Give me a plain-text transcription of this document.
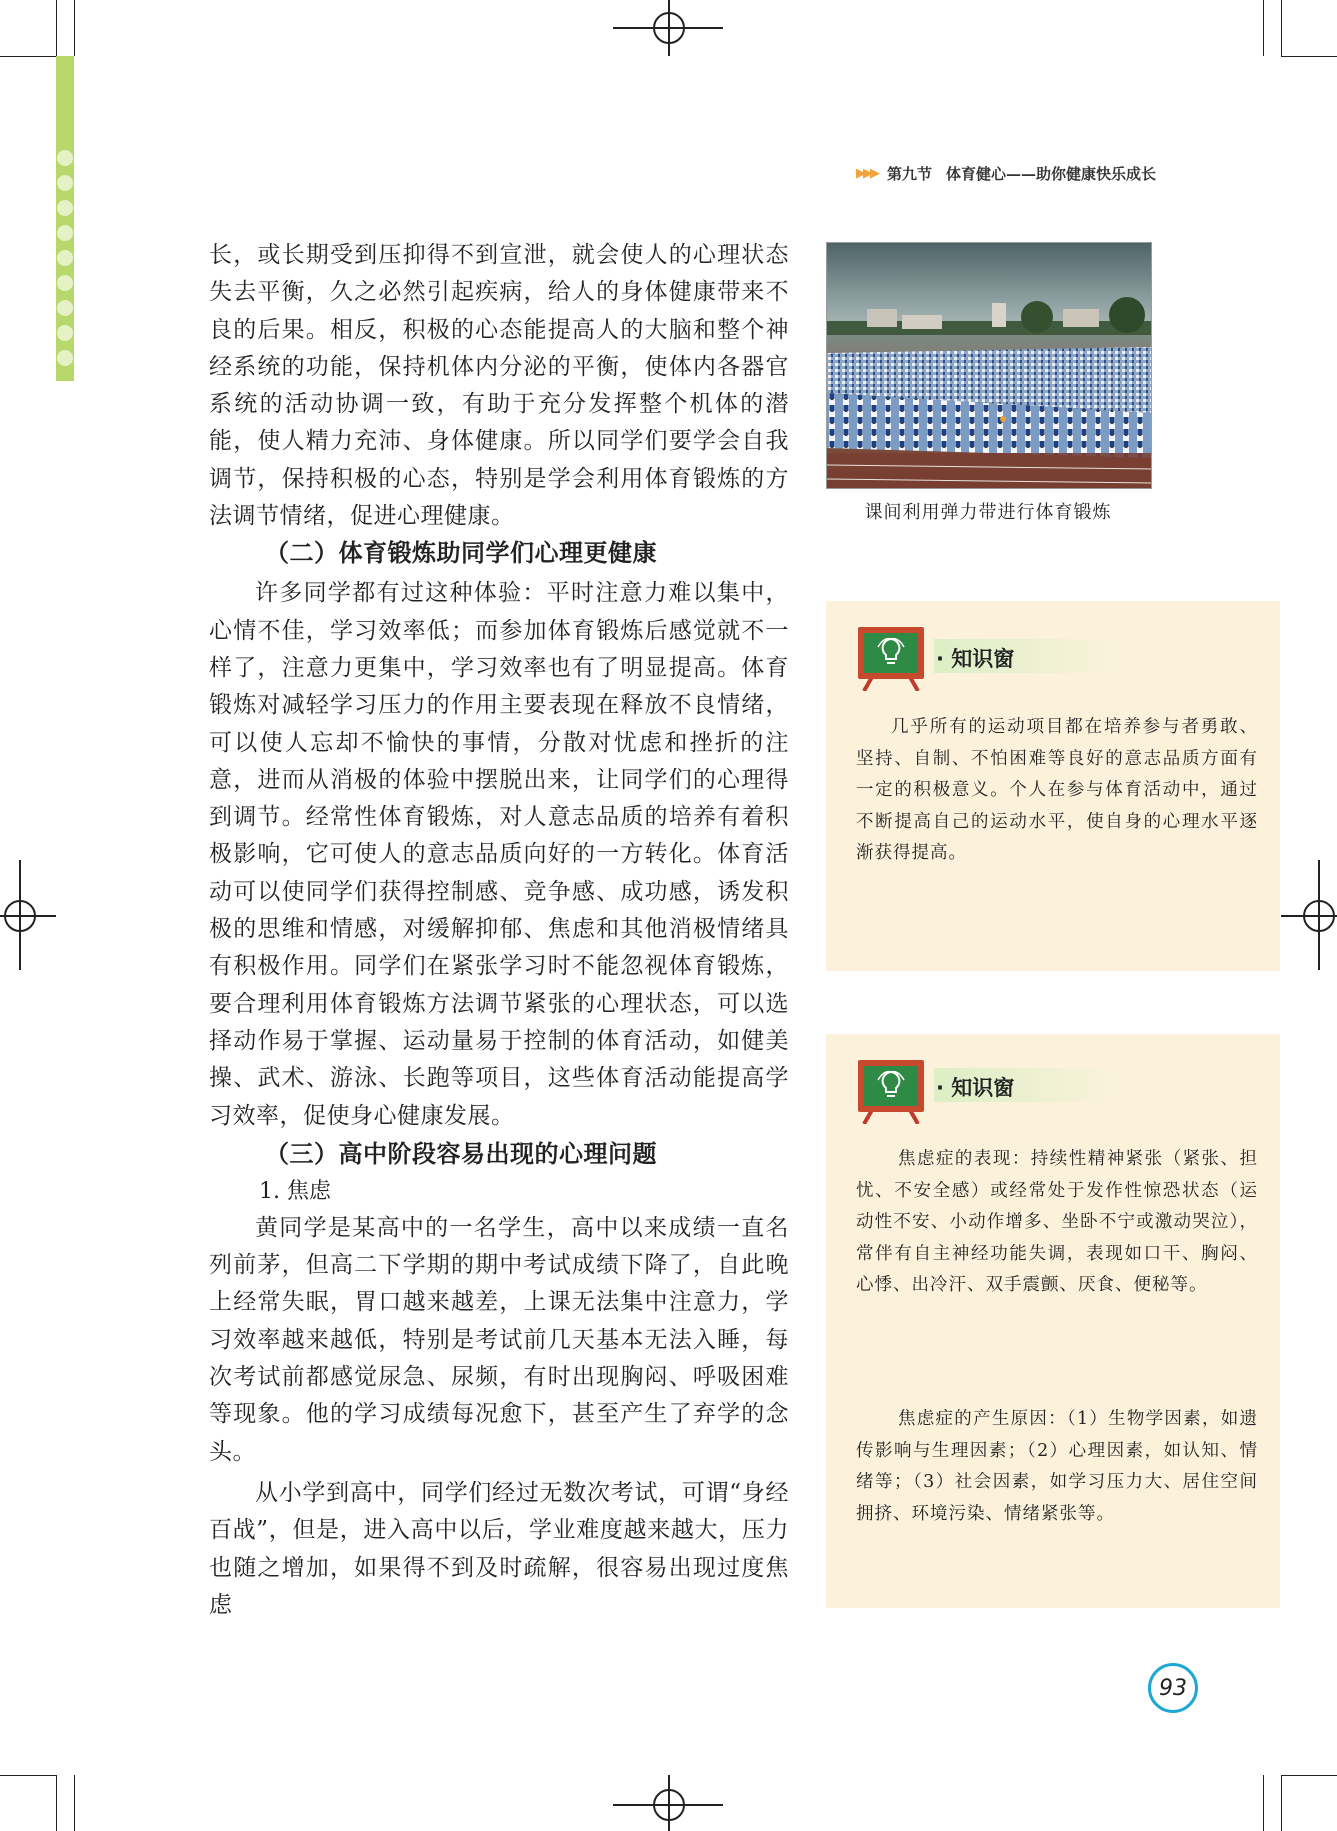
▶▶▶ 第九节 体育健心——助你健康快乐成长

长，或长期受到压抑得不到宣泄，就会使人的心理状态失去平衡，久之必然引起疾病，给人的身体健康带来不良的后果。相反，积极的心态能提高人的大脑和整个神经系统的功能，保持机体内分泌的平衡，使体内各器官系统的活动协调一致，有助于充分发挥整个机体的潜能，使人精力充沛、身体健康。所以同学们要学会自我调节，保持积极的心态，特别是学会利用体育锻炼的方法调节情绪，促进心理健康。

（二）体育锻炼助同学们心理更健康

许多同学都有过这种体验：平时注意力难以集中，心情不佳，学习效率低；而参加体育锻炼后感觉就不一样了，注意力更集中，学习效率也有了明显提高。体育锻炼对减轻学习压力的作用主要表现在释放不良情绪，可以使人忘却不愉快的事情，分散对忧虑和挫折的注意，进而从消极的体验中摆脱出来，让同学们的心理得到调节。经常性体育锻炼，对人意志品质的培养有着积极影响，它可使人的意志品质向好的一方转化。体育活动可以使同学们获得控制感、竞争感、成功感，诱发积极的思维和情感，对缓解抑郁、焦虑和其他消极情绪具有积极作用。同学们在紧张学习时不能忽视体育锻炼，要合理利用体育锻炼方法调节紧张的心理状态，可以选择动作易于掌握、运动量易于控制的体育活动，如健美操、武术、游泳、长跑等项目，这些体育活动能提高学习效率，促使身心健康发展。

（三）高中阶段容易出现的心理问题

1. 焦虑

黄同学是某高中的一名学生，高中以来成绩一直名列前茅，但高二下学期的期中考试成绩下降了，自此晚上经常失眠，胃口越来越差，上课无法集中注意力，学习效率越来越低，特别是考试前几天基本无法入睡，每次考试前都感觉尿急、尿频，有时出现胸闷、呼吸困难等现象。他的学习成绩每况愈下，甚至产生了弃学的念头。

从小学到高中，同学们经过无数次考试，可谓“身经百战”，但是，进入高中以后，学业难度越来越大，压力也随之增加，如果得不到及时疏解，很容易出现过度焦虑

课间利用弹力带进行体育锻炼
· 知识窗

几乎所有的运动项目都在培养参与者勇敢、坚持、自制、不怕困难等良好的意志品质方面有一定的积极意义。个人在参与体育活动中，通过不断提高自己的运动水平，使自身的心理水平逐渐获得提高。

· 知识窗

焦虑症的表现：持续性精神紧张（紧张、担忧、不安全感）或经常处于发作性惊恐状态（运动性不安、小动作增多、坐卧不宁或激动哭泣），常伴有自主神经功能失调，表现如口干、胸闷、心悸、出冷汗、双手震颤、厌食、便秘等。

焦虑症的产生原因：（1）生物学因素，如遗传影响与生理因素；（2）心理因素，如认知、情绪等；（3）社会因素，如学习压力大、居住空间拥挤、环境污染、情绪紧张等。

93
